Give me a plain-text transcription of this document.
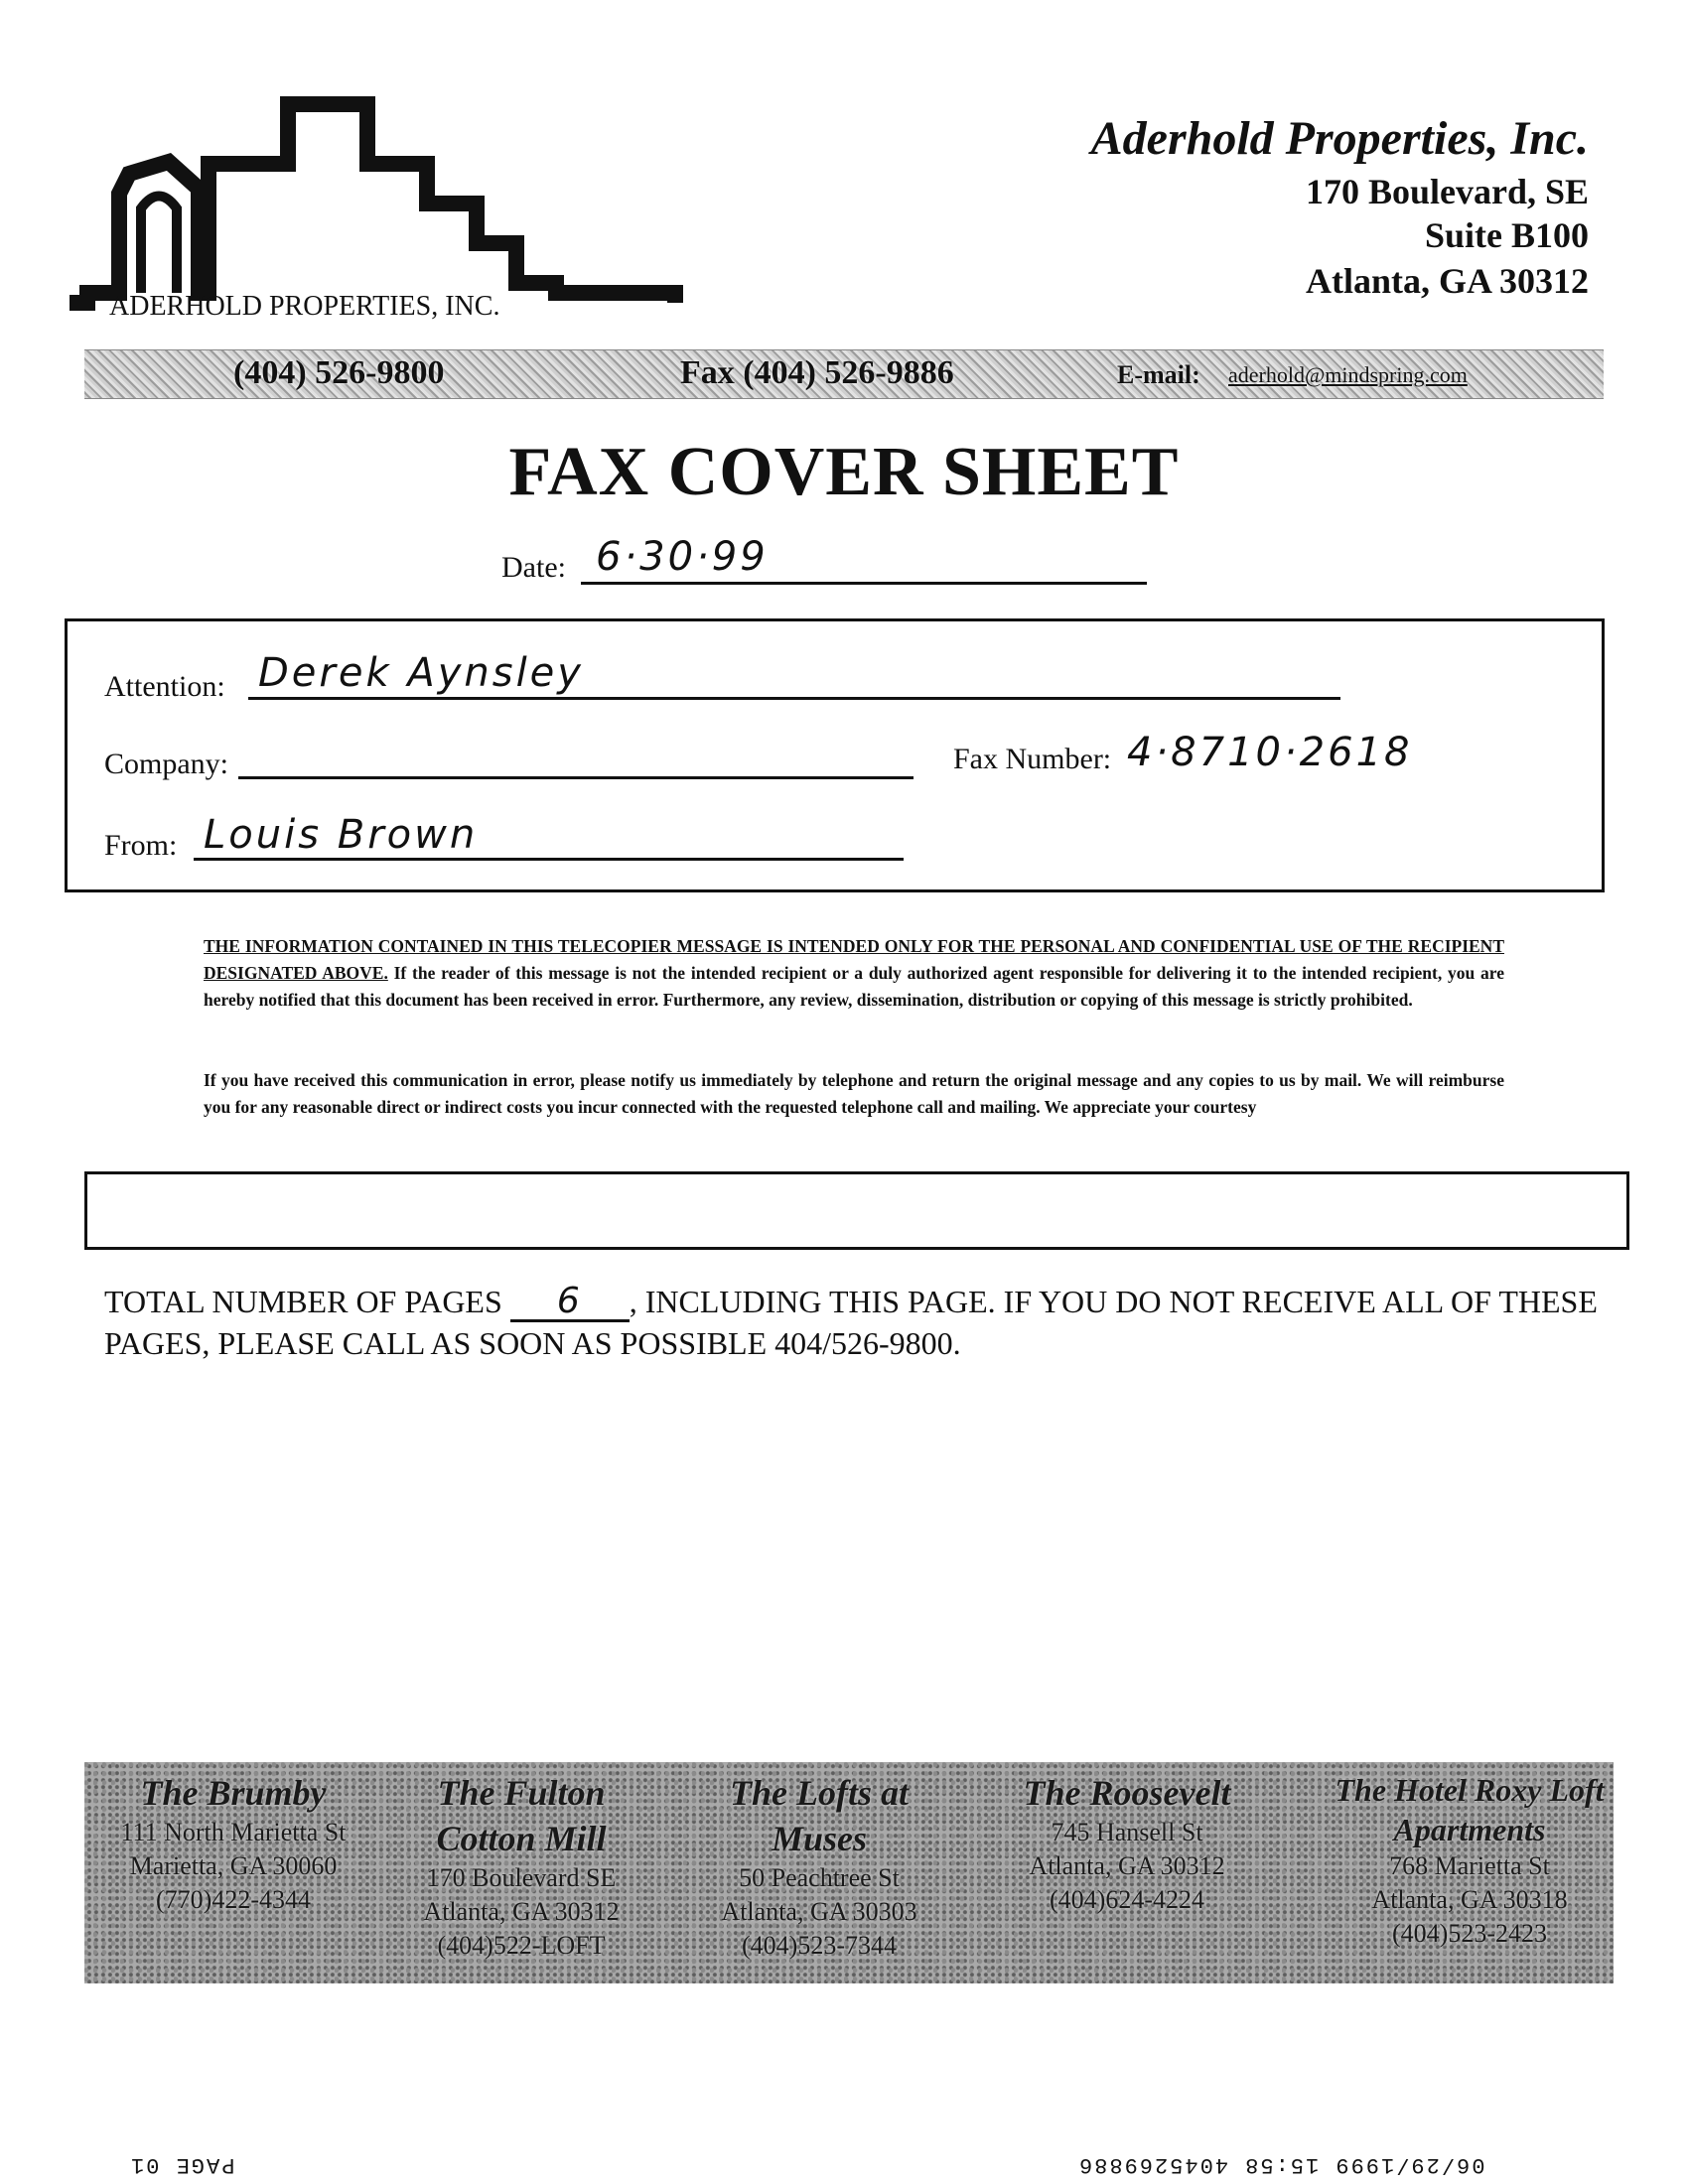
ADERHOLD PROPERTIES, INC.
Aderhold Properties, Inc.
170 Boulevard, SE
Suite B100
Atlanta, GA 30312
(404) 526-9800	Fax (404) 526-9886	E-mail: aderhold@mindspring.com
FAX COVER SHEET
Date: 6·30·99
Attention: Derek Aynsley
Company:	Fax Number: 4·8710·2618
From: Louis Brown
THE INFORMATION CONTAINED IN THIS TELECOPIER MESSAGE IS INTENDED ONLY FOR THE PERSONAL AND CONFIDENTIAL USE OF THE RECIPIENT DESIGNATED ABOVE. If the reader of this message is not the intended recipient or a duly authorized agent responsible for delivering it to the intended recipient, you are hereby notified that this document has been received in error. Furthermore, any review, dissemination, distribution or copying of this message is strictly prohibited.
If you have received this communication in error, please notify us immediately by telephone and return the original message and any copies to us by mail. We will reimburse you for any reasonable direct or indirect costs you incur connected with the requested telephone call and mailing. We appreciate your courtesy
TOTAL NUMBER OF PAGES 6 , INCLUDING THIS PAGE. IF YOU DO NOT RECEIVE ALL OF THESE PAGES, PLEASE CALL AS SOON AS POSSIBLE 404/526-9800.
The Brumby
111 North Marietta St
Marietta, GA 30060
(770)422-4344
The Fulton Cotton Mill
170 Boulevard SE
Atlanta, GA 30312
(404)522-LOFT
The Lofts at Muses
50 Peachtree St
Atlanta, GA 30303
(404)523-7344
The Roosevelt
745 Hansell St
Atlanta, GA 30312
(404)624-4224
The Hotel Roxy Loft Apartments
768 Marietta St
Atlanta, GA 30318
(404)523-2423
PAGE 01	06/29/1999 15:58 4045269886
